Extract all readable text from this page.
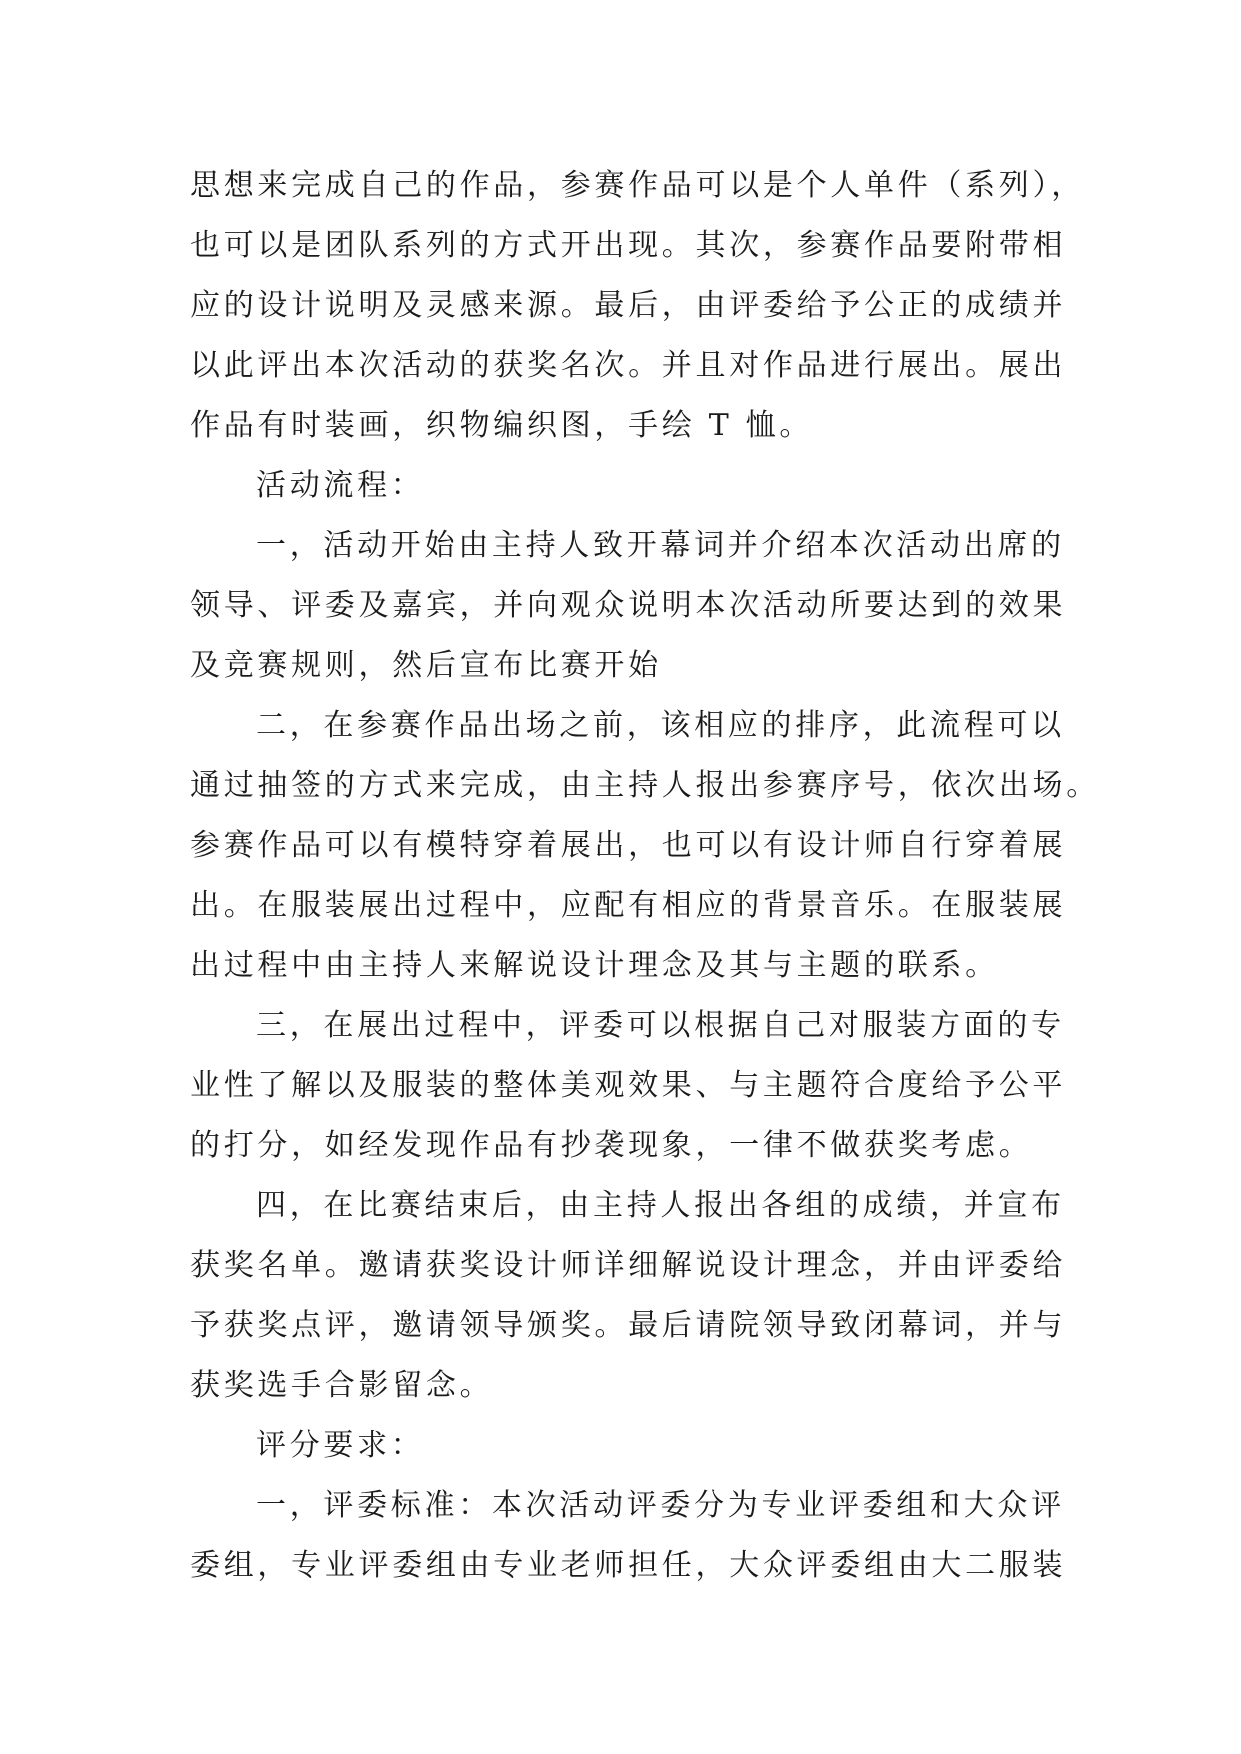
思想来完成自己的作品，参赛作品可以是个人单件（系列），
也可以是团队系列的方式开出现。其次，参赛作品要附带相
应的设计说明及灵感来源。最后，由评委给予公正的成绩并
以此评出本次活动的获奖名次。并且对作品进行展出。展出
作品有时装画，织物编织图，手绘 T 恤。
活动流程：
一，活动开始由主持人致开幕词并介绍本次活动出席的
领导、评委及嘉宾，并向观众说明本次活动所要达到的效果
及竞赛规则，然后宣布比赛开始
二，在参赛作品出场之前，该相应的排序，此流程可以
通过抽签的方式来完成，由主持人报出参赛序号，依次出场。
参赛作品可以有模特穿着展出，也可以有设计师自行穿着展
出。在服装展出过程中，应配有相应的背景音乐。在服装展
出过程中由主持人来解说设计理念及其与主题的联系。
三，在展出过程中，评委可以根据自己对服装方面的专
业性了解以及服装的整体美观效果、与主题符合度给予公平
的打分，如经发现作品有抄袭现象，一律不做获奖考虑。
四，在比赛结束后，由主持人报出各组的成绩，并宣布
获奖名单。邀请获奖设计师详细解说设计理念，并由评委给
予获奖点评，邀请领导颁奖。最后请院领导致闭幕词，并与
获奖选手合影留念。
评分要求：
一，评委标准：本次活动评委分为专业评委组和大众评
委组，专业评委组由专业老师担任，大众评委组由大二服装
